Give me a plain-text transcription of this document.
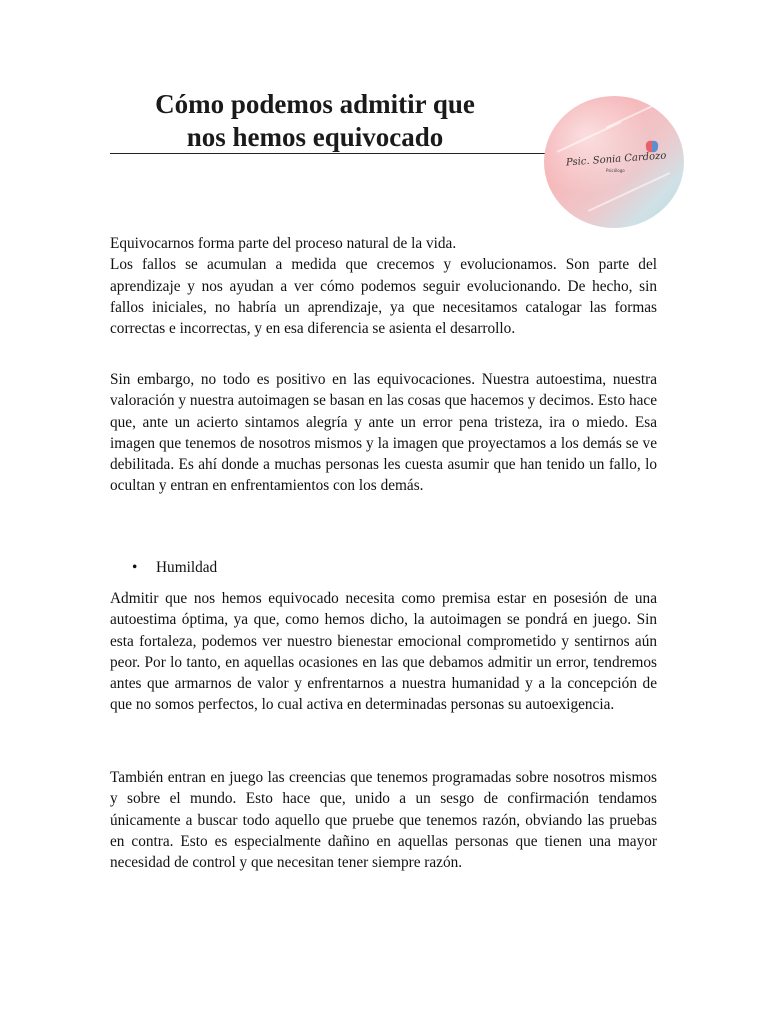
Cómo podemos admitir que
nos hemos equivocado
Psic. Sonia Cardozo
Psicólogo

Equivocarnos forma parte del proceso natural de la vida.

Los fallos se acumulan a medida que crecemos y evolucionamos. Son parte del aprendizaje y nos ayudan a ver cómo podemos seguir evolucionando. De hecho, sin fallos iniciales, no habría un aprendizaje, ya que necesitamos catalogar las formas correctas e incorrectas, y en esa diferencia se asienta el desarrollo.

Sin embargo, no todo es positivo en las equivocaciones. Nuestra autoestima, nuestra valoración y nuestra autoimagen se basan en las cosas que hacemos y decimos. Esto hace que, ante un acierto sintamos alegría y ante un error pena tristeza, ira o miedo. Esa imagen que tenemos de nosotros mismos y la imagen que proyectamos a los demás se ve debilitada. Es ahí donde a muchas personas les cuesta asumir que han tenido un fallo, lo ocultan y entran en enfrentamientos con los demás.

• Humildad

Admitir que nos hemos equivocado necesita como premisa estar en posesión de una autoestima óptima, ya que, como hemos dicho, la autoimagen se pondrá en juego. Sin esta fortaleza, podemos ver nuestro bienestar emocional comprometido y sentirnos aún peor. Por lo tanto, en aquellas ocasiones en las que debamos admitir un error, tendremos antes que armarnos de valor y enfrentarnos a nuestra humanidad y a la concepción de que no somos perfectos, lo cual activa en determinadas personas su autoexigencia.

También entran en juego las creencias que tenemos programadas sobre nosotros mismos y sobre el mundo. Esto hace que, unido a un sesgo de confirmación tendamos únicamente a buscar todo aquello que pruebe que tenemos razón, obviando las pruebas en contra. Esto es especialmente dañino en aquellas personas que tienen una mayor necesidad de control y que necesitan tener siempre razón.
